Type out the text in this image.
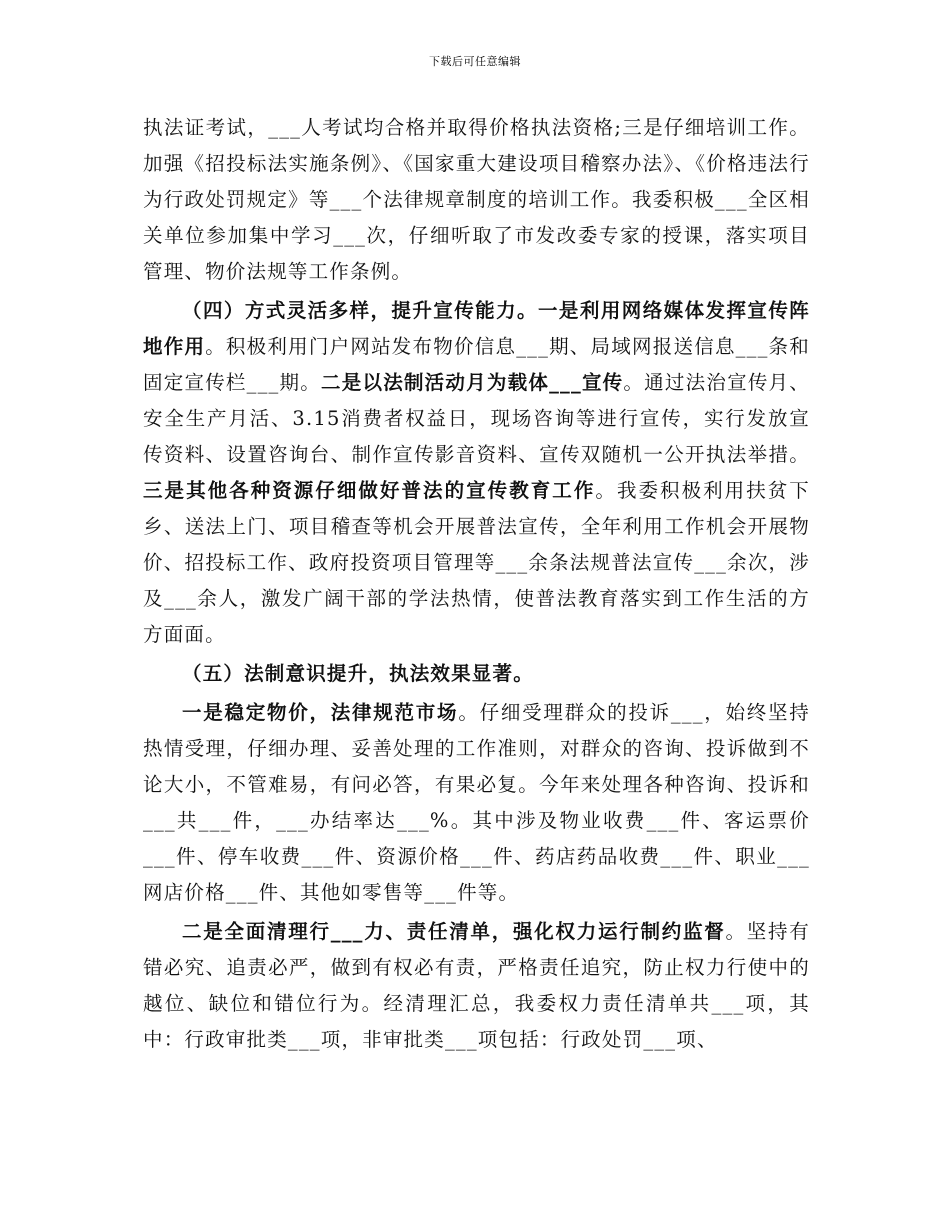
下载后可任意编辑

执法证考试，___人考试均合格并取得价格执法资格;三是仔细培训工作。加强《招投标法实施条例》、《国家重大建设项目稽察办法》、《价格违法行为行政处罚规定》等___个法律规章制度的培训工作。我委积极___全区相关单位参加集中学习___次，仔细听取了市发改委专家的授课，落实项目管理、物价法规等工作条例。

（四）方式灵活多样，提升宣传能力。一是利用网络媒体发挥宣传阵地作用。积极利用门户网站发布物价信息___期、局域网报送信息___条和固定宣传栏___期。二是以法制活动月为载体___宣传。通过法治宣传月、安全生产月活、3.15消费者权益日，现场咨询等进行宣传，实行发放宣传资料、设置咨询台、制作宣传影音资料、宣传双随机一公开执法举措。三是其他各种资源仔细做好普法的宣传教育工作。我委积极利用扶贫下乡、送法上门、项目稽查等机会开展普法宣传，全年利用工作机会开展物价、招投标工作、政府投资项目管理等___余条法规普法宣传___余次，涉及___余人，激发广阔干部的学法热情，使普法教育落实到工作生活的方方面面。

（五）法制意识提升，执法效果显著。

一是稳定物价，法律规范市场。仔细受理群众的投诉___，始终坚持热情受理，仔细办理、妥善处理的工作准则，对群众的咨询、投诉做到不论大小，不管难易，有问必答，有果必复。今年来处理各种咨询、投诉和___共___件，___办结率达___%。其中涉及物业收费___件、客运票价___件、停车收费___件、资源价格___件、药店药品收费___件、职业___网店价格___件、其他如零售等___件等。

二是全面清理行___力、责任清单，强化权力运行制约监督。坚持有错必究、追责必严，做到有权必有责，严格责任追究，防止权力行使中的越位、缺位和错位行为。经清理汇总，我委权力责任清单共___项，其中：行政审批类___项，非审批类___项包括：行政处罚___项、
